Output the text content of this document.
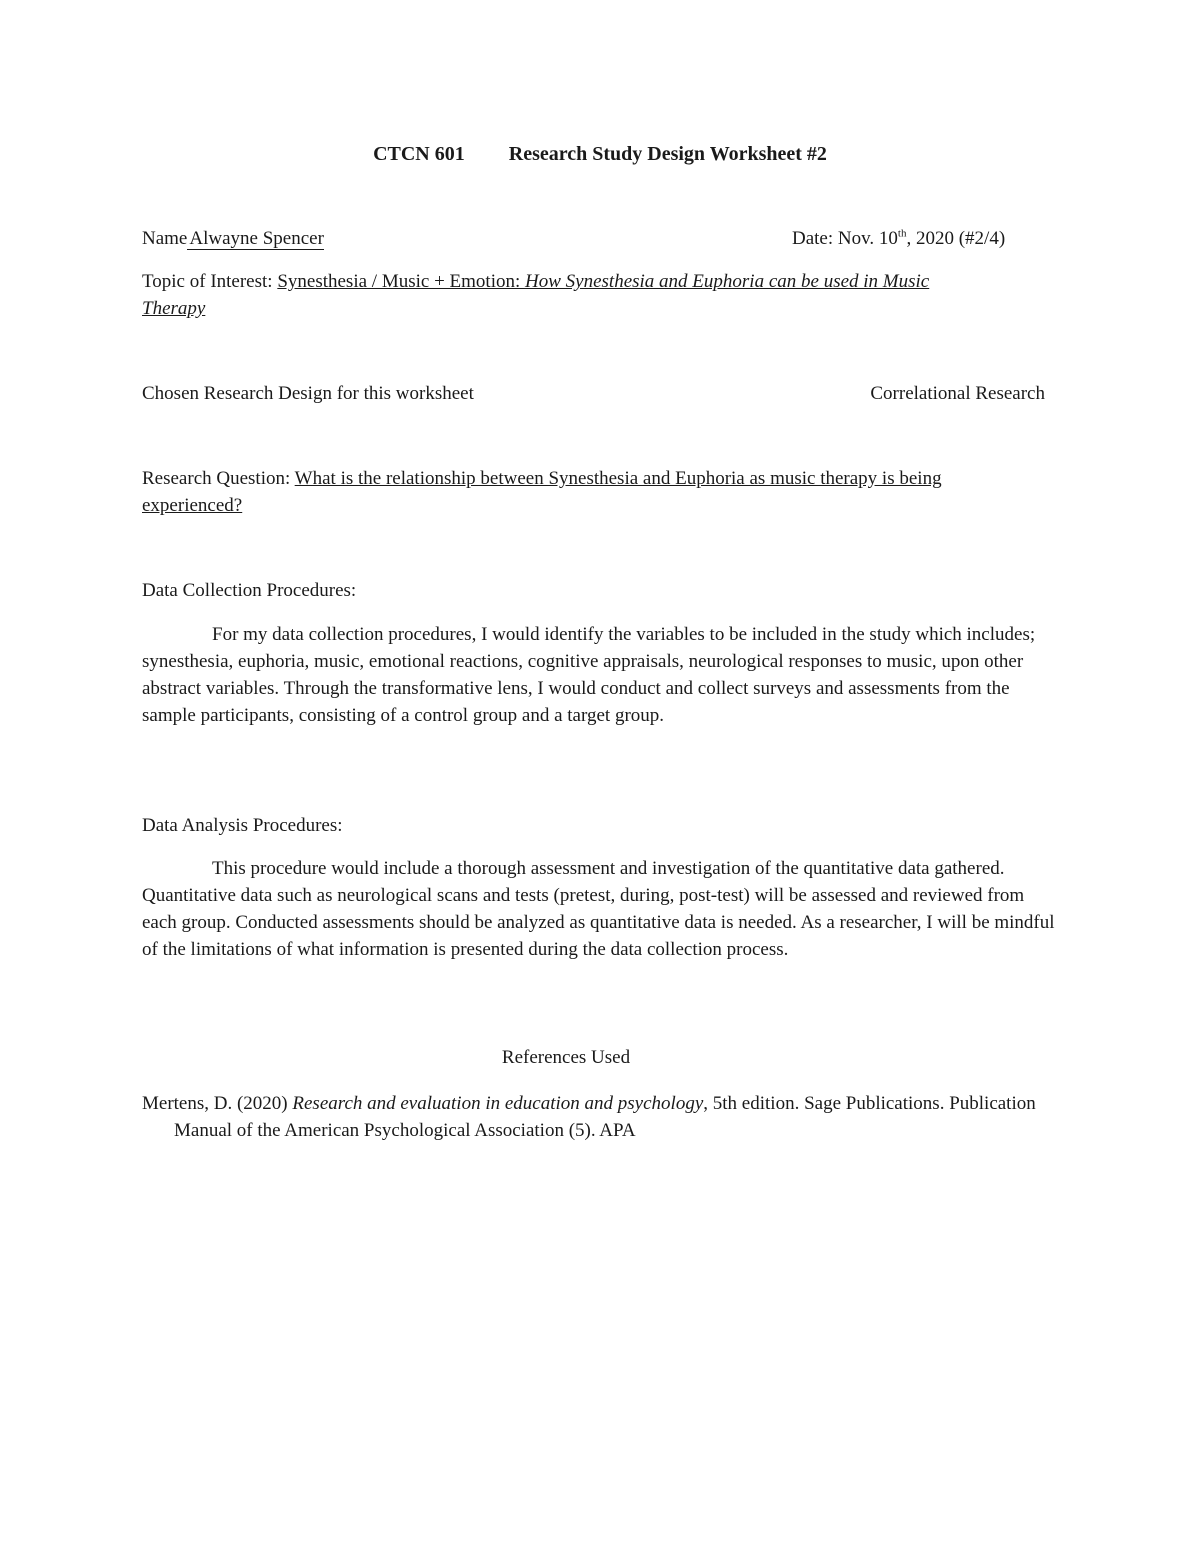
CTCN 601 Research Study Design Worksheet #2
Name Alwayne Spencer	Date: Nov. 10th, 2020 (#2/4)
Topic of Interest: Synesthesia / Music + Emotion: How Synesthesia and Euphoria can be used in Music
Therapy
Chosen Research Design for this worksheet	Correlational Research
Research Question: What is the relationship between Synesthesia and Euphoria as music therapy is being
experienced?
Data Collection Procedures:
For my data collection procedures, I would identify the variables to be included in the study which includes; synesthesia, euphoria, music, emotional reactions, cognitive appraisals, neurological responses to music, upon other abstract variables. Through the transformative lens, I would conduct and collect surveys and assessments from the sample participants, consisting of a control group and a target group.
Data Analysis Procedures:
This procedure would include a thorough assessment and investigation of the quantitative data gathered. Quantitative data such as neurological scans and tests (pretest, during, post-test) will be assessed and reviewed from each group. Conducted assessments should be analyzed as quantitative data is needed. As a researcher, I will be mindful of the limitations of what information is presented during the data collection process.
References Used
Mertens, D. (2020) Research and evaluation in education and psychology, 5th edition. Sage Publications. Publication Manual of the American Psychological Association (5). APA
